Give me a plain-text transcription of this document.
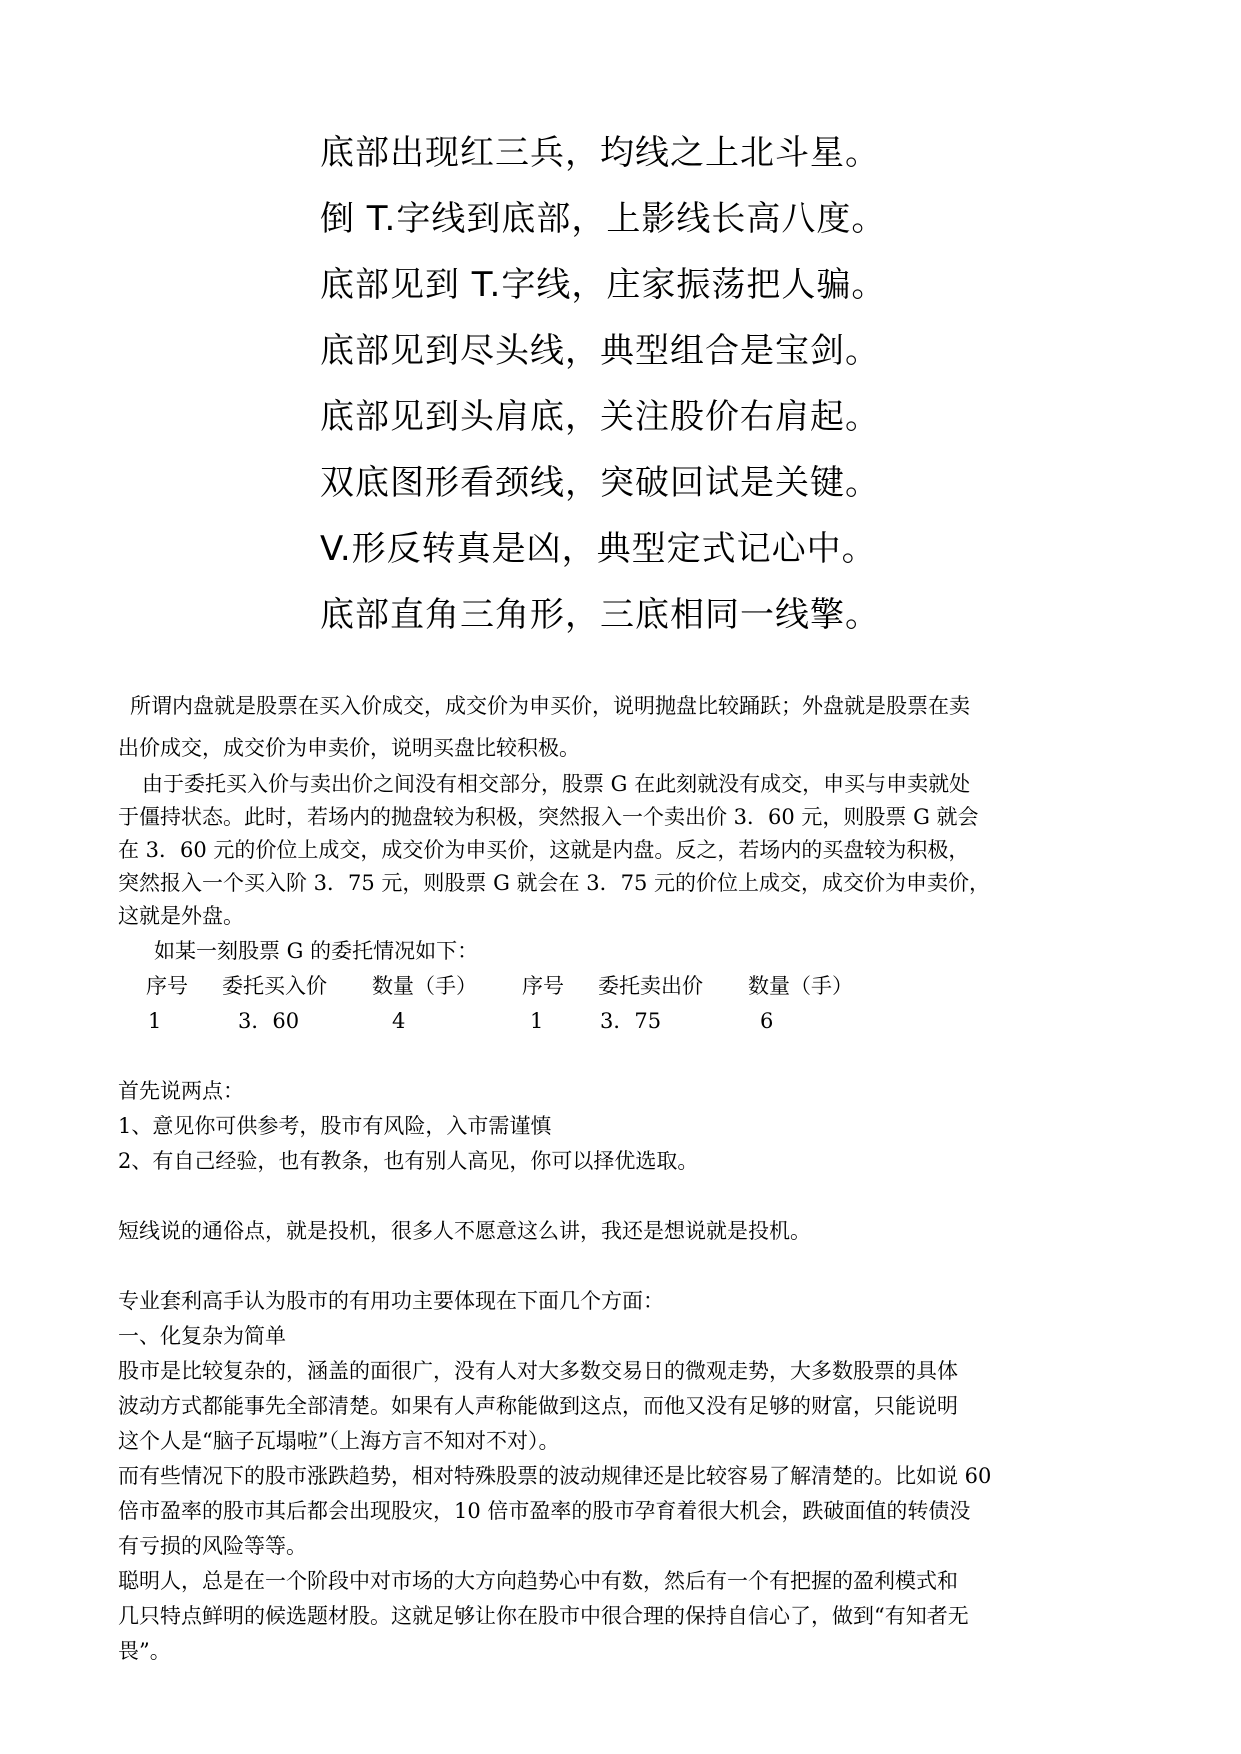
底部出现红三兵，均线之上北斗星。
倒 T.字线到底部，上影线长高八度。
底部见到 T.字线，庄家振荡把人骗。
底部见到尽头线，典型组合是宝剑。
底部见到头肩底，关注股价右肩起。
双底图形看颈线，突破回试是关键。
V.形反转真是凶，典型定式记心中。
底部直角三角形，三底相同一线擎。
所谓内盘就是股票在买入价成交，成交价为申买价，说明抛盘比较踊跃；外盘就是股票在卖
出价成交，成交价为申卖价，说明买盘比较积极。
由于委托买入价与卖出价之间没有相交部分，股票 G 在此刻就没有成交，申买与申卖就处
于僵持状态。此时，若场内的抛盘较为积极，突然报入一个卖出价 3．60 元，则股票 G 就会
在 3．60 元的价位上成交，成交价为申买价，这就是内盘。反之，若场内的买盘较为积极，
突然报入一个买入阶 3．75 元，则股票 G 就会在 3．75 元的价位上成交，成交价为申卖价，
这就是外盘。
如某一刻股票 G 的委托情况如下：
序号	委托买入价	数量（手）	序号	委托卖出价	数量（手）
1	3．60	4	1	3．75	6
首先说两点：
1、意见你可供参考，股市有风险，入市需谨慎
2、有自己经验，也有教条，也有别人高见，你可以择优选取。
短线说的通俗点，就是投机，很多人不愿意这么讲，我还是想说就是投机。
专业套利高手认为股市的有用功主要体现在下面几个方面：
一、化复杂为简单
股市是比较复杂的，涵盖的面很广，没有人对大多数交易日的微观走势，大多数股票的具体
波动方式都能事先全部清楚。如果有人声称能做到这点，而他又没有足够的财富，只能说明
这个人是“脑子瓦塌啦”（上海方言不知对不对）。
而有些情况下的股市涨跌趋势，相对特殊股票的波动规律还是比较容易了解清楚的。比如说 60
倍市盈率的股市其后都会出现股灾，10 倍市盈率的股市孕育着很大机会，跌破面值的转债没
有亏损的风险等等。
聪明人，总是在一个阶段中对市场的大方向趋势心中有数，然后有一个有把握的盈利模式和
几只特点鲜明的候选题材股。这就足够让你在股市中很合理的保持自信心了，做到“有知者无
畏”。
